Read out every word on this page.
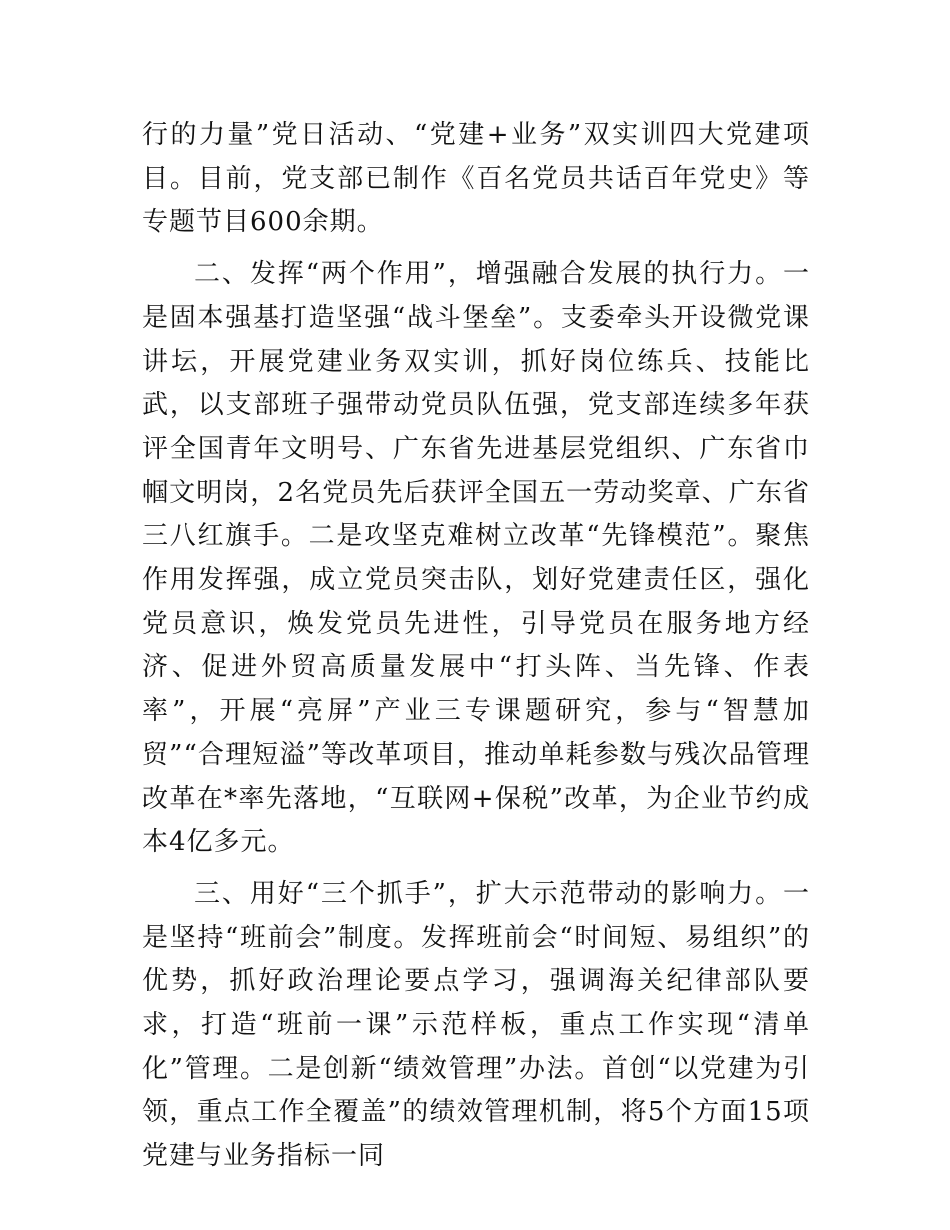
行的力量”党日活动、“党建+业务”双实训四大党建项目。目前，党支部已制作《百名党员共话百年党史》等专题节目600余期。

二、发挥“两个作用”，增强融合发展的执行力。一是固本强基打造坚强“战斗堡垒”。支委牵头开设微党课讲坛，开展党建业务双实训，抓好岗位练兵、技能比武，以支部班子强带动党员队伍强，党支部连续多年获评全国青年文明号、广东省先进基层党组织、广东省巾帼文明岗，2名党员先后获评全国五一劳动奖章、广东省三八红旗手。二是攻坚克难树立改革“先锋模范”。聚焦作用发挥强，成立党员突击队，划好党建责任区，强化党员意识，焕发党员先进性，引导党员在服务地方经济、促进外贸高质量发展中“打头阵、当先锋、作表率”，开展“亮屏”产业三专课题研究，参与“智慧加贸”“合理短溢”等改革项目，推动单耗参数与残次品管理改革在*率先落地，“互联网+保税”改革，为企业节约成本4亿多元。

三、用好“三个抓手”，扩大示范带动的影响力。一是坚持“班前会”制度。发挥班前会“时间短、易组织”的优势，抓好政治理论要点学习，强调海关纪律部队要求，打造“班前一课”示范样板，重点工作实现“清单化”管理。二是创新“绩效管理”办法。首创“以党建为引领，重点工作全覆盖”的绩效管理机制，将5个方面15项党建与业务指标一同
